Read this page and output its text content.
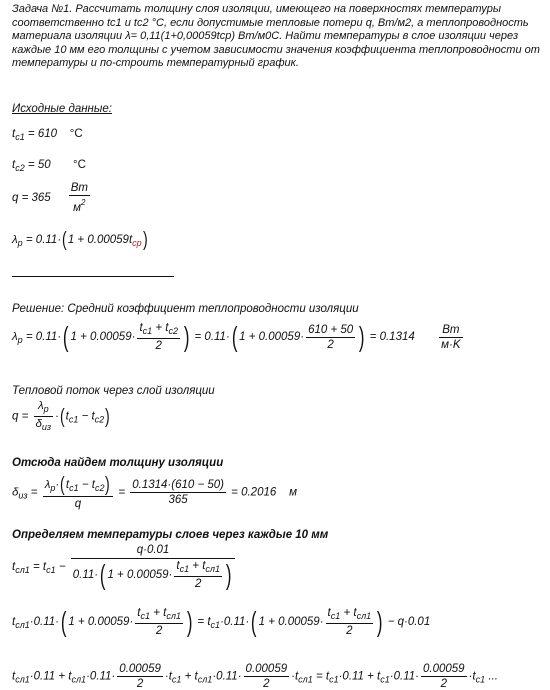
Задача №1. Рассчитать толщину слоя изоляции, имеющего на поверхностях температуры соответственно tc1 и tc2 °С, если допустимые тепловые потери q, Вт/м2, а теплопроводность материала изоляции λ= 0,11(1+0,00059tср) Вт/м0С. Найти температуры в слое изоляции через каждые 10 мм его толщины с учетом зависимости значения коэффициента теплопроводности от температуры и по-строить температурный график.
Исходные данные:
$t_{c1} = 610$ °C
$t_{c2} = 50$ °C
$q = 365 \frac{Вт}{м^2}$
$\lambda_p = 0.11\cdot(1 + 0.00059t_{cp})$
Решение: Средний коэффициент теплопроводности изоляции
$\lambda_p = 0.11\cdot$( $1 + 0.00059\cdot \frac{t_{c1} + t_{c2}}{2}$ ) = 0.11·( $1 + 0.00059\cdot \frac{610 + 50}{2}$ ) = $0.1314 \frac{Вт}{м\cdot K}$
Тепловой поток через слой изоляции
$q = \frac{\lambda_p}{\delta_{из}} \cdot(t_{c1} - t_{c2})$
Отсюда найдем толщину изоляции
$\delta_{из} = \frac{\lambda_p\cdot(t_{c1} - t_{c2})}{q} = \frac{0.1314\cdot(610 - 50)}{365} = 0.2016$ м
Определяем температуры слоев через каждые 10 мм
$t_{сл1} = t_{c1} - \frac{q\cdot 0.01}{0.11\cdot( 1 + 0.00059\cdot \frac{t_{c1} + t_{сл1}}{2} )}$
$t_{сл1}\cdot 0.11\cdot$( $1 + 0.00059\cdot \frac{t_{c1} + t_{сл1}}{2}$ ) = $t_{c1}\cdot 0.11\cdot$( $1 + 0.00059\cdot \frac{t_{c1} + t_{сл1}}{2}$ ) − q·0.01
$t_{сл1}\cdot 0.11 + t_{сл1}\cdot 0.11\cdot \frac{0.00059}{2} \cdot t_{c1} + t_{сл1}\cdot 0.11\cdot \frac{0.00059}{2} \cdot t_{сл1} = t_{c1}\cdot 0.11 + t_{c1}\cdot 0.11\cdot \frac{0.00059}{2} \cdot t_{c1}$ ...
